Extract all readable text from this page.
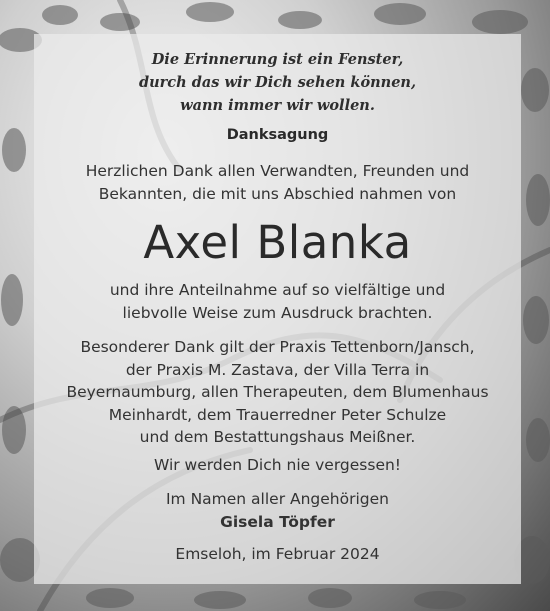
Die Erinnerung ist ein Fenster,
durch das wir Dich sehen können,
wann immer wir wollen.
Danksagung
Herzlichen Dank allen Verwandten, Freunden und
Bekannten, die mit uns Abschied nahmen von
Axel Blanka
und ihre Anteilnahme auf so vielfältige und
liebvolle Weise zum Ausdruck brachten.
Besonderer Dank gilt der Praxis Tettenborn/Jansch,
der Praxis M. Zastava, der Villa Terra in
Beyernaumburg, allen Therapeuten, dem Blumenhaus
Meinhardt, dem Trauerredner Peter Schulze
und dem Bestattungshaus Meißner.
Wir werden Dich nie vergessen!
Im Namen aller Angehörigen
Gisela Töpfer
Emseloh, im Februar 2024
